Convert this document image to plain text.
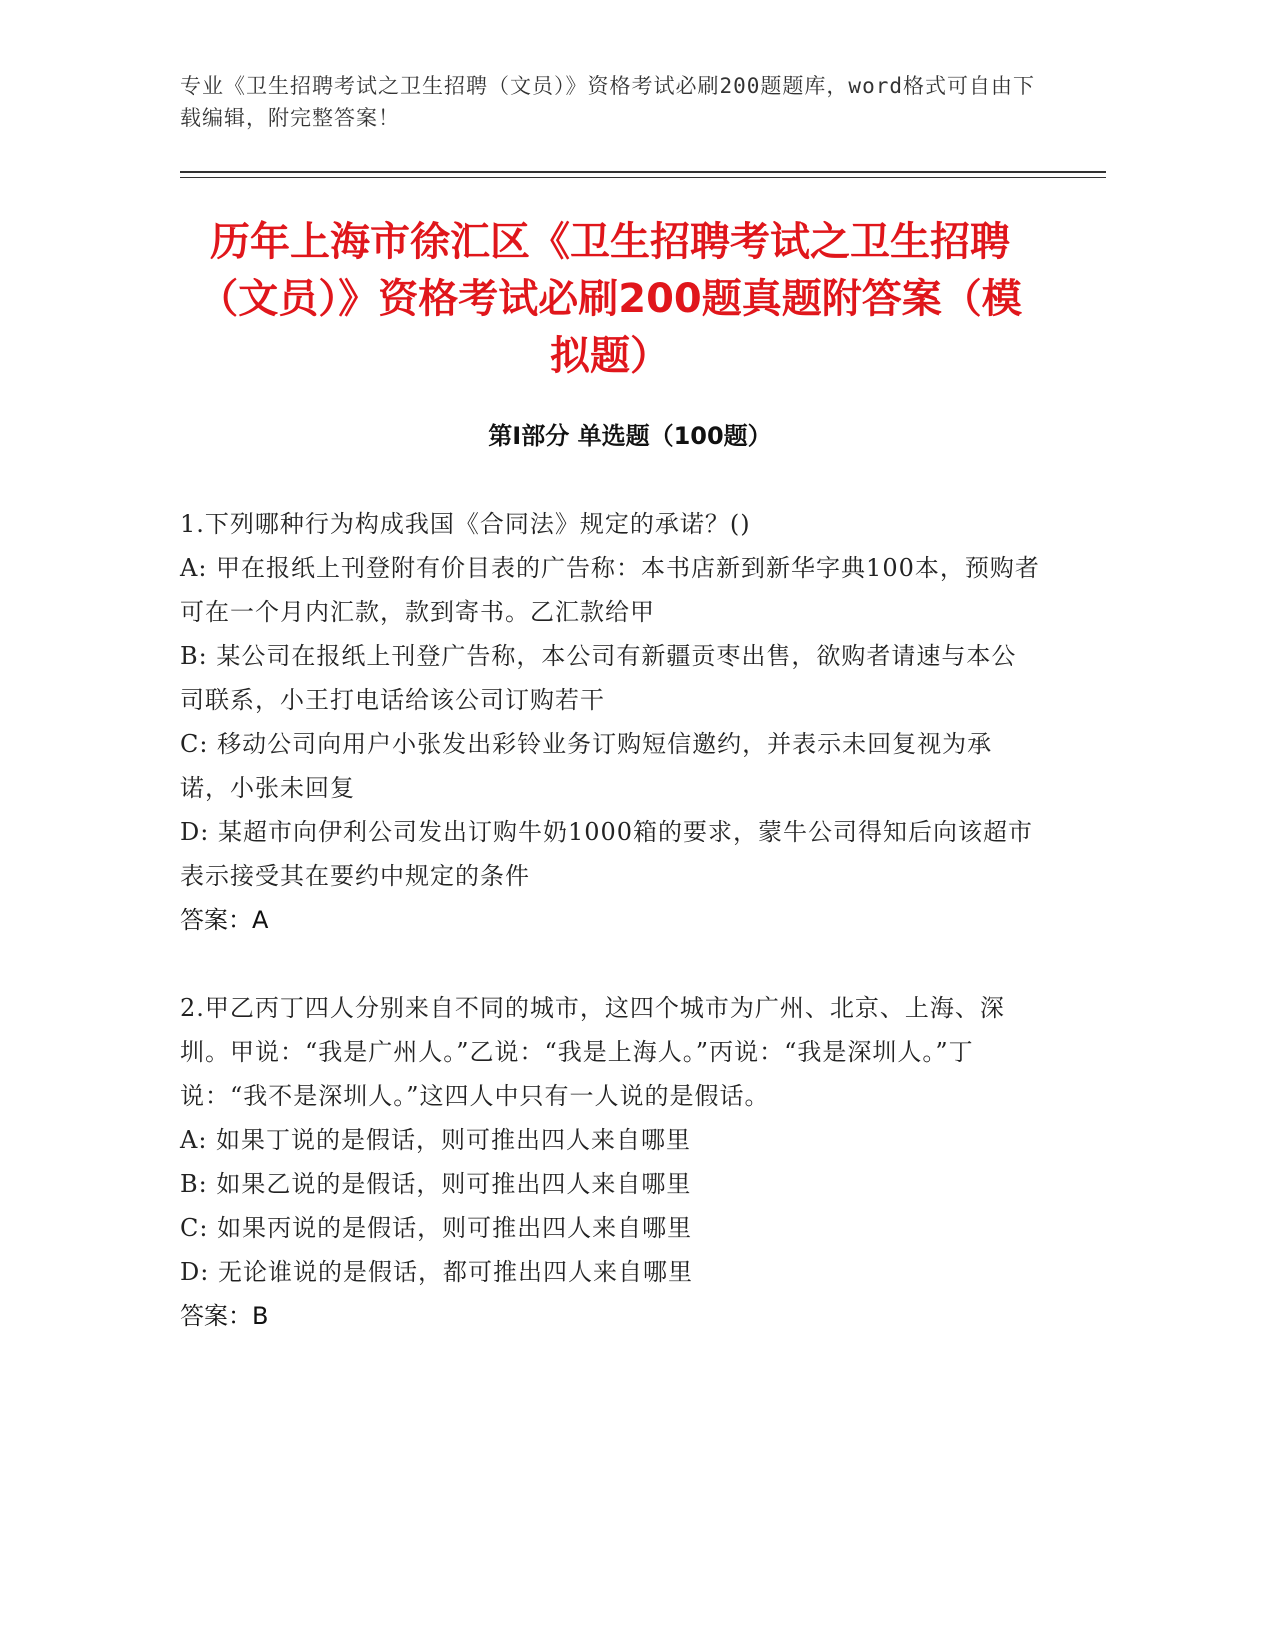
专业《卫生招聘考试之卫生招聘（文员）》资格考试必刷200题题库，word格式可自由下载编辑，附完整答案！
历年上海市徐汇区《卫生招聘考试之卫生招聘（文员）》资格考试必刷200题真题附答案（模拟题）
第I部分 单选题（100题）
1.下列哪种行为构成我国《合同法》规定的承诺？()
A: 甲在报纸上刊登附有价目表的广告称：本书店新到新华字典100本，预购者可在一个月内汇款，款到寄书。乙汇款给甲
B: 某公司在报纸上刊登广告称，本公司有新疆贡枣出售，欲购者请速与本公司联系，小王打电话给该公司订购若干
C: 移动公司向用户小张发出彩铃业务订购短信邀约，并表示未回复视为承诺，小张未回复
D: 某超市向伊利公司发出订购牛奶1000箱的要求，蒙牛公司得知后向该超市表示接受其在要约中规定的条件
答案：A
2.甲乙丙丁四人分别来自不同的城市，这四个城市为广州、北京、上海、深圳。甲说：“我是广州人。”乙说：“我是上海人。”丙说：“我是深圳人。”丁说：“我不是深圳人。”这四人中只有一人说的是假话。
A: 如果丁说的是假话，则可推出四人来自哪里
B: 如果乙说的是假话，则可推出四人来自哪里
C: 如果丙说的是假话，则可推出四人来自哪里
D: 无论谁说的是假话，都可推出四人来自哪里
答案：B
